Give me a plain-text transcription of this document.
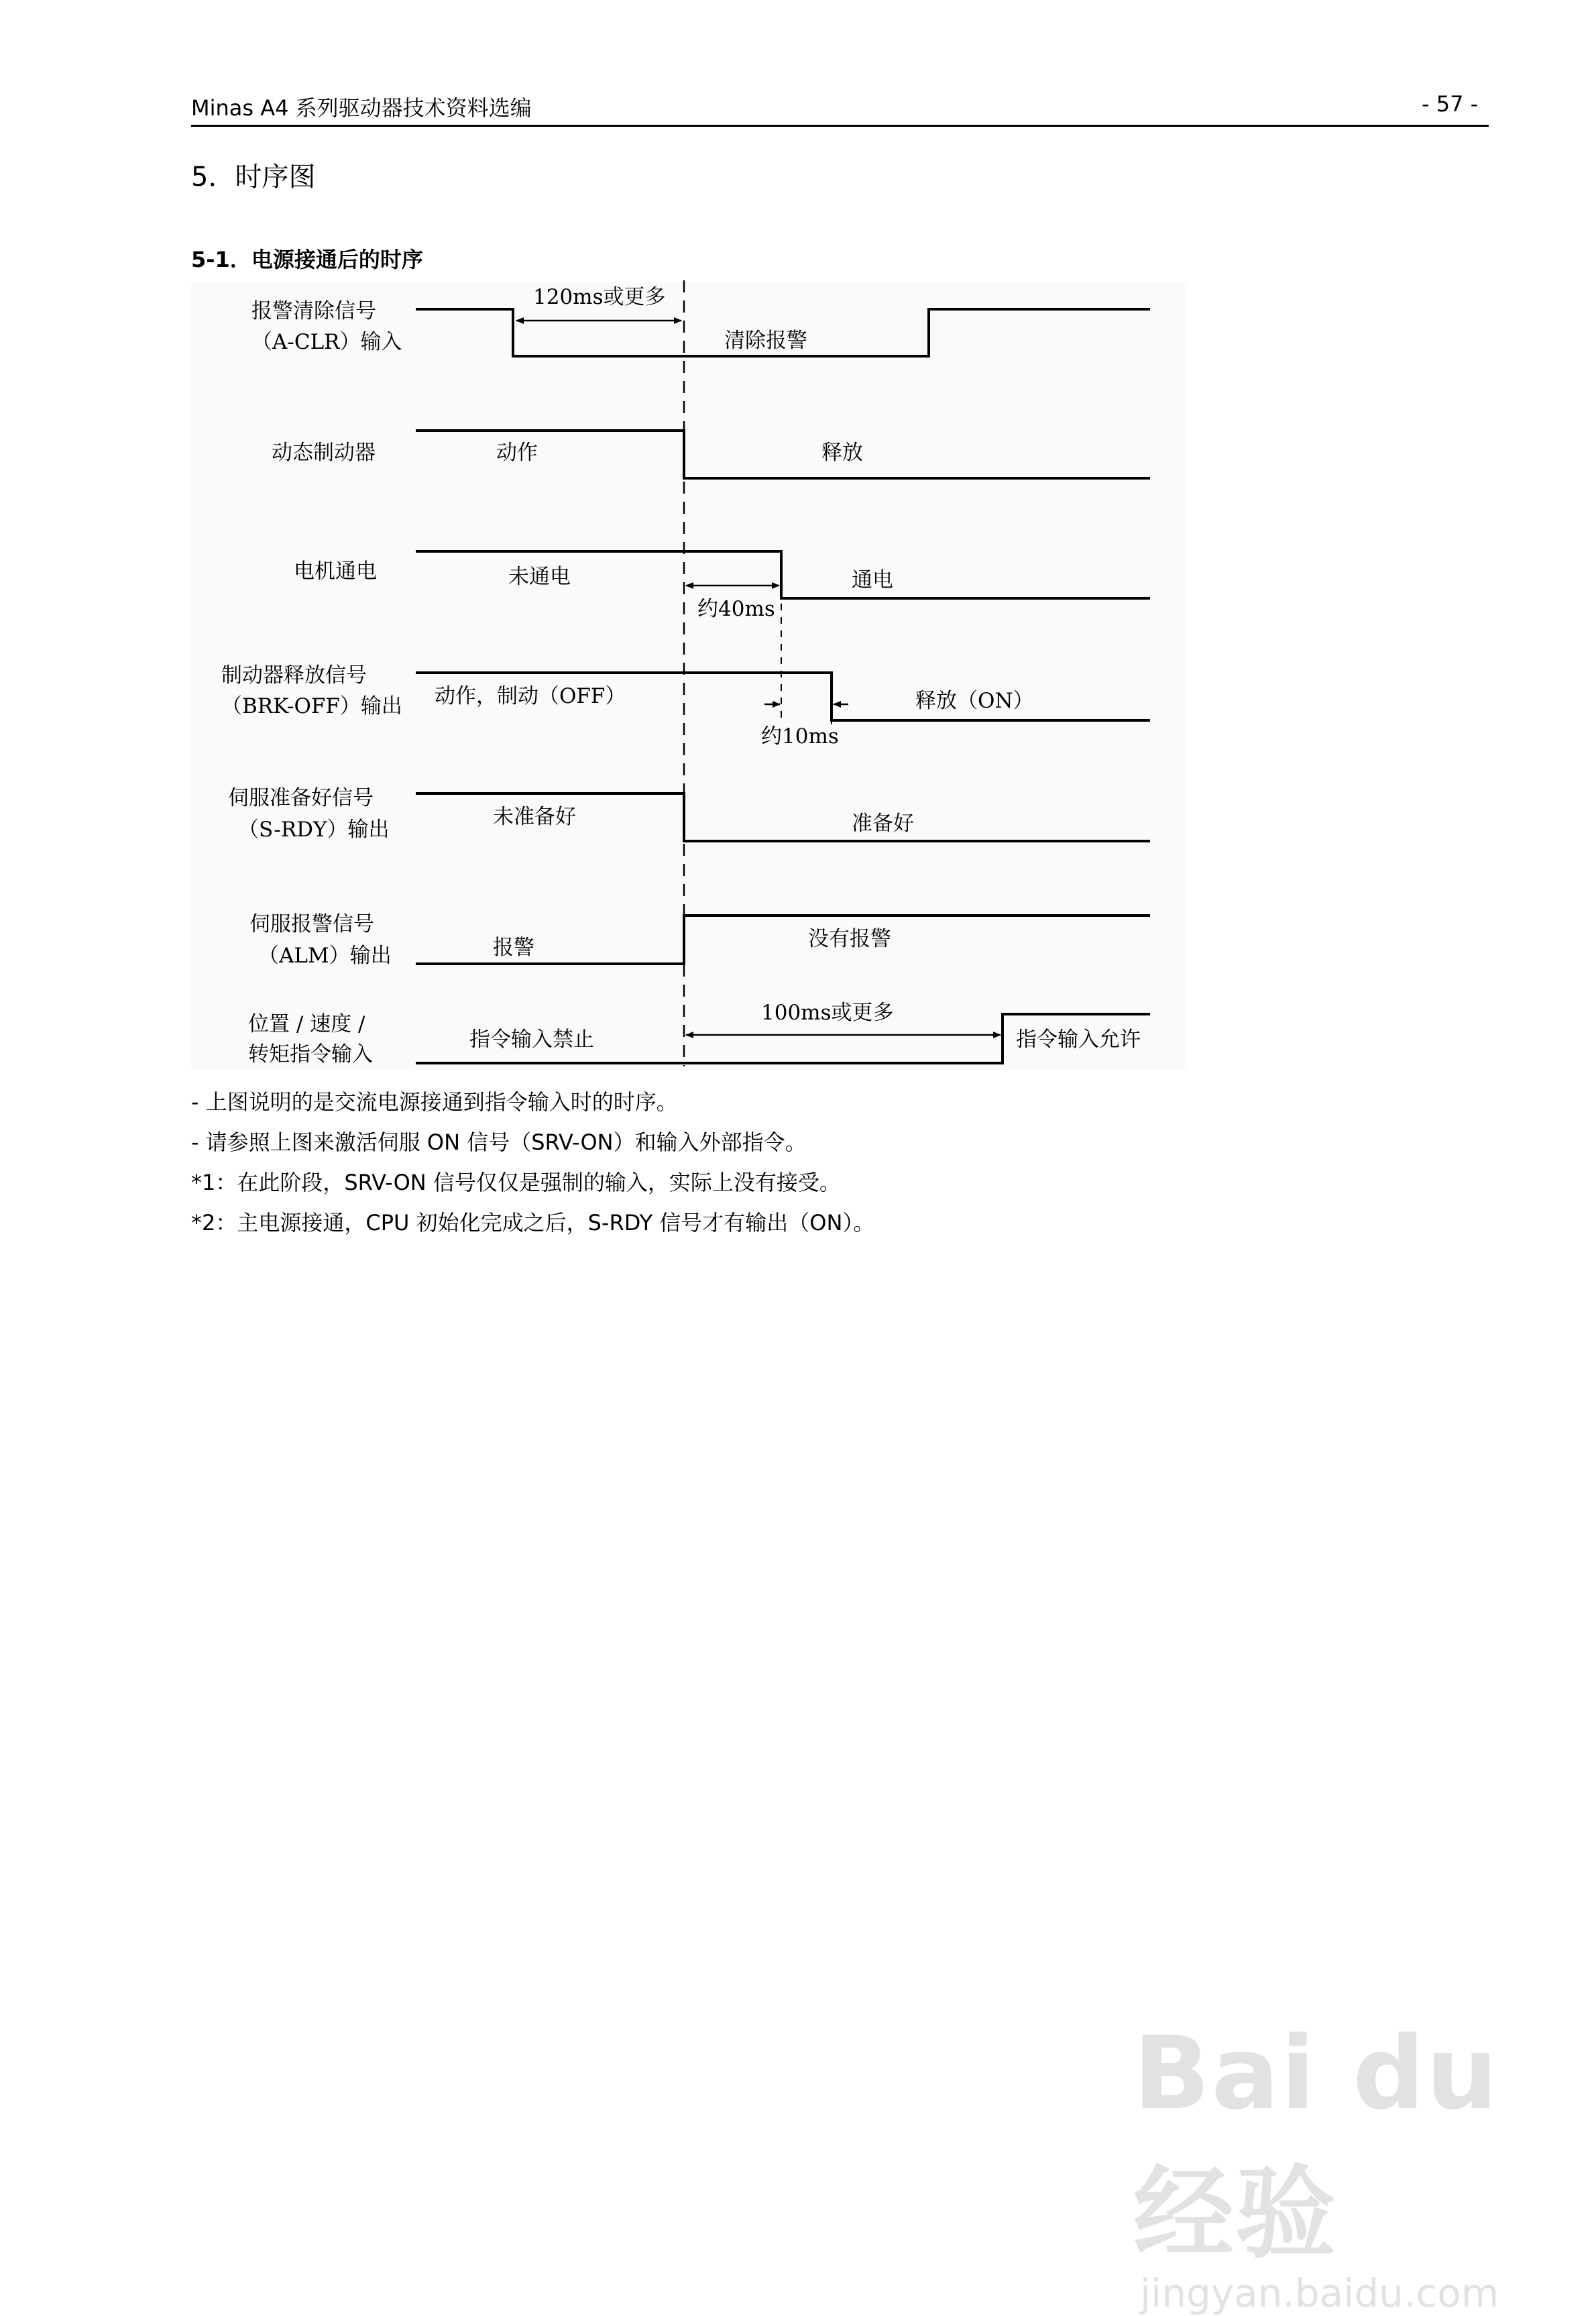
Minas A4 系列驱动器技术资料选编	- 57 -
5．时序图
5-1．电源接通后的时序
报警清除信号
（A-CLR）输入
120ms或更多
清除报警
动态制动器	动作	释放
电机通电	未通电	通电
约40ms
制动器释放信号
（BRK-OFF）输出 动作，制动（OFF）	释放（ON）
约10ms
伺服准备好信号
（S-RDY）输出
未准备好	准备好
伺服报警信号
（ALM）输出	报警	没有报警
位置 / 速度 /
转矩指令输入
指令输入禁止	指令输入允许
100ms或更多
- 上图说明的是交流电源接通到指令输入时的时序。
- 请参照上图来激活伺服 ON 信号（SRV-ON）和输入外部指令。
*1：在此阶段，SRV-ON 信号仅仅是强制的输入，实际上没有接受。
*2：主电源接通，CPU 初始化完成之后，S-RDY 信号才有输出（ON）。
Bai du 经验
jingyan.baidu.com
